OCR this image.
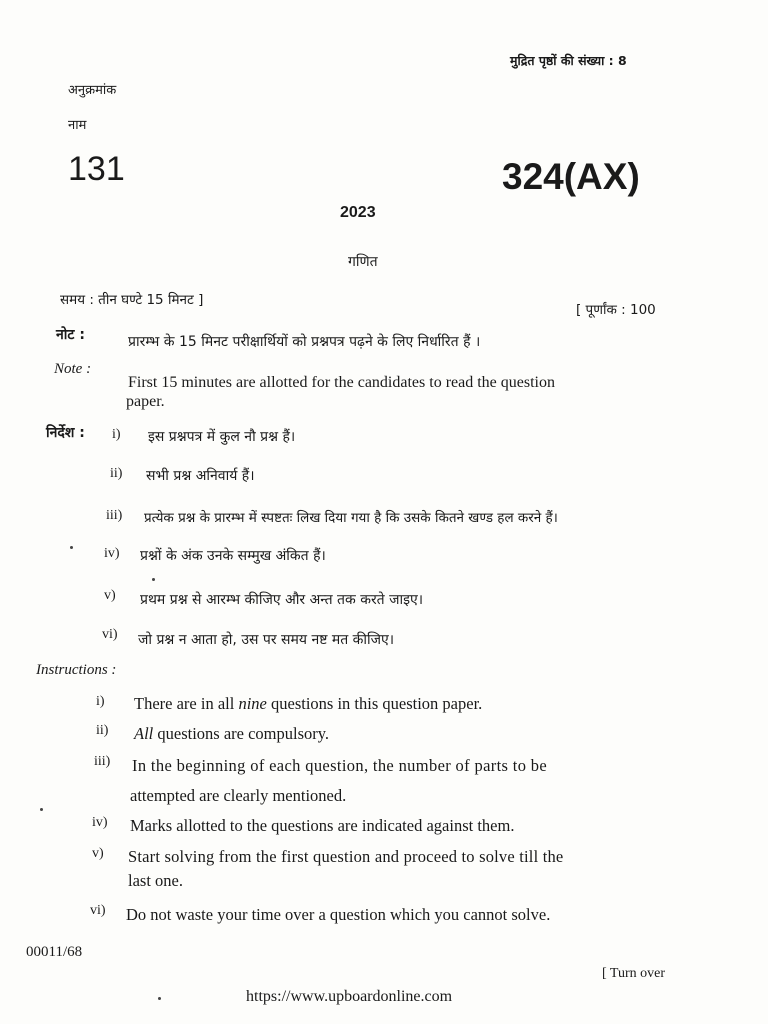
मुद्रित पृष्ठों की संख्या : 8
अनुक्रमांक
नाम
131	324(AX)
2023
गणित
समय : तीन घण्टे 15 मिनट ]
[ पूर्णांक : 100
नोट :	प्रारम्भ के 15 मिनट परीक्षार्थियों को प्रश्नपत्र पढ़ने के लिए निर्धारित हैं ।
Note :
First 15 minutes are allotted for the candidates to read the question
paper.
निर्देश : i) इस प्रश्नपत्र में कुल नौ प्रश्न हैं।
ii) सभी प्रश्न अनिवार्य हैं।
iii) प्रत्येक प्रश्न के प्रारम्भ में स्पष्टतः लिख दिया गया है कि उसके कितने खण्ड हल करने हैं।
iv) प्रश्नों के अंक उनके सम्मुख अंकित हैं।
v) प्रथम प्रश्न से आरम्भ कीजिए और अन्त तक करते जाइए।
vi) जो प्रश्न न आता हो, उस पर समय नष्ट मत कीजिए।
Instructions :
i) There are in all nine questions in this question paper.
ii) All questions are compulsory.
iii) In the beginning of each question, the number of parts to be
attempted are clearly mentioned.
iv) Marks allotted to the questions are indicated against them.
v) Start solving from the first question and proceed to solve till the
last one.
vi) Do not waste your time over a question which you cannot solve.
00011/68
[ Turn over
https://www.upboardonline.com
